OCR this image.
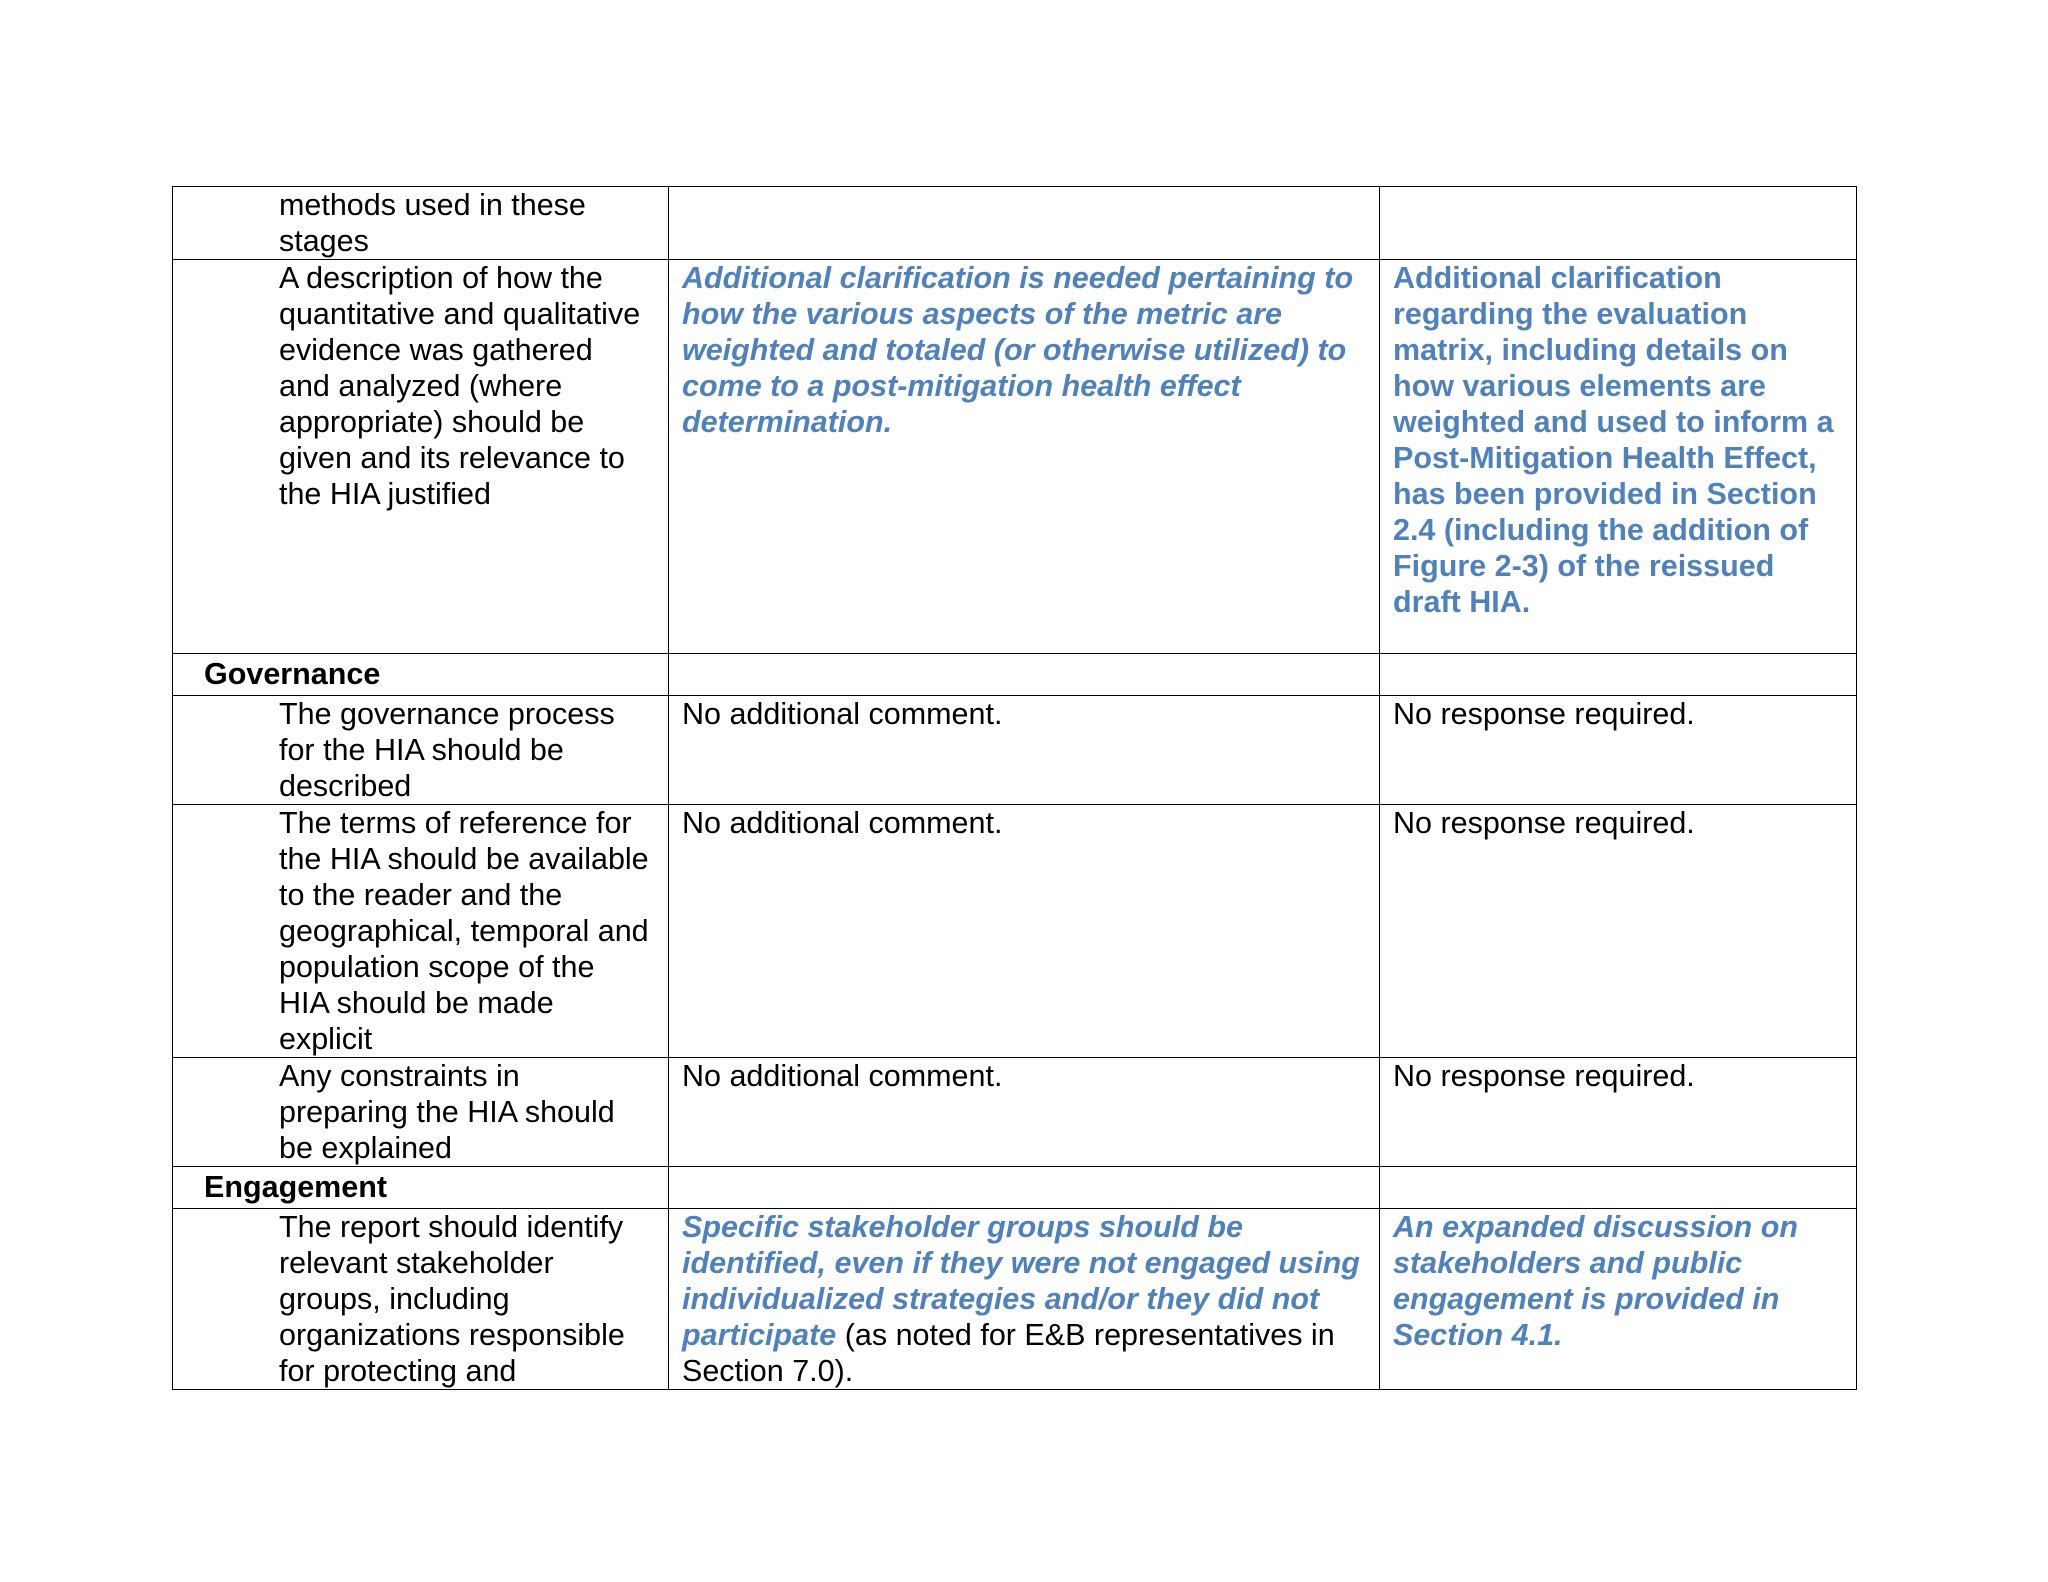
methods used in these stages		
A description of how the quantitative and qualitative evidence was gathered and analyzed (where appropriate) should be given and its relevance to the HIA justified	Additional clarification is needed pertaining to how the various aspects of the metric are weighted and totaled (or otherwise utilized) to come to a post-mitigation health effect determination.	Additional clarification regarding the evaluation matrix, including details on how various elements are weighted and used to inform a Post-Mitigation Health Effect, has been provided in Section 2.4 (including the addition of Figure 2-3) of the reissued draft HIA.
Governance		
The governance process for the HIA should be described	No additional comment.	No response required.
The terms of reference for the HIA should be available to the reader and the geographical, temporal and population scope of the HIA should be made explicit	No additional comment.	No response required.
Any constraints in preparing the HIA should be explained	No additional comment.	No response required.
Engagement		
The report should identify relevant stakeholder groups, including organizations responsible for protecting and	Specific stakeholder groups should be identified, even if they were not engaged using individualized strategies and/or they did not participate (as noted for E&B representatives in Section 7.0).	An expanded discussion on stakeholders and public engagement is provided in Section 4.1.
